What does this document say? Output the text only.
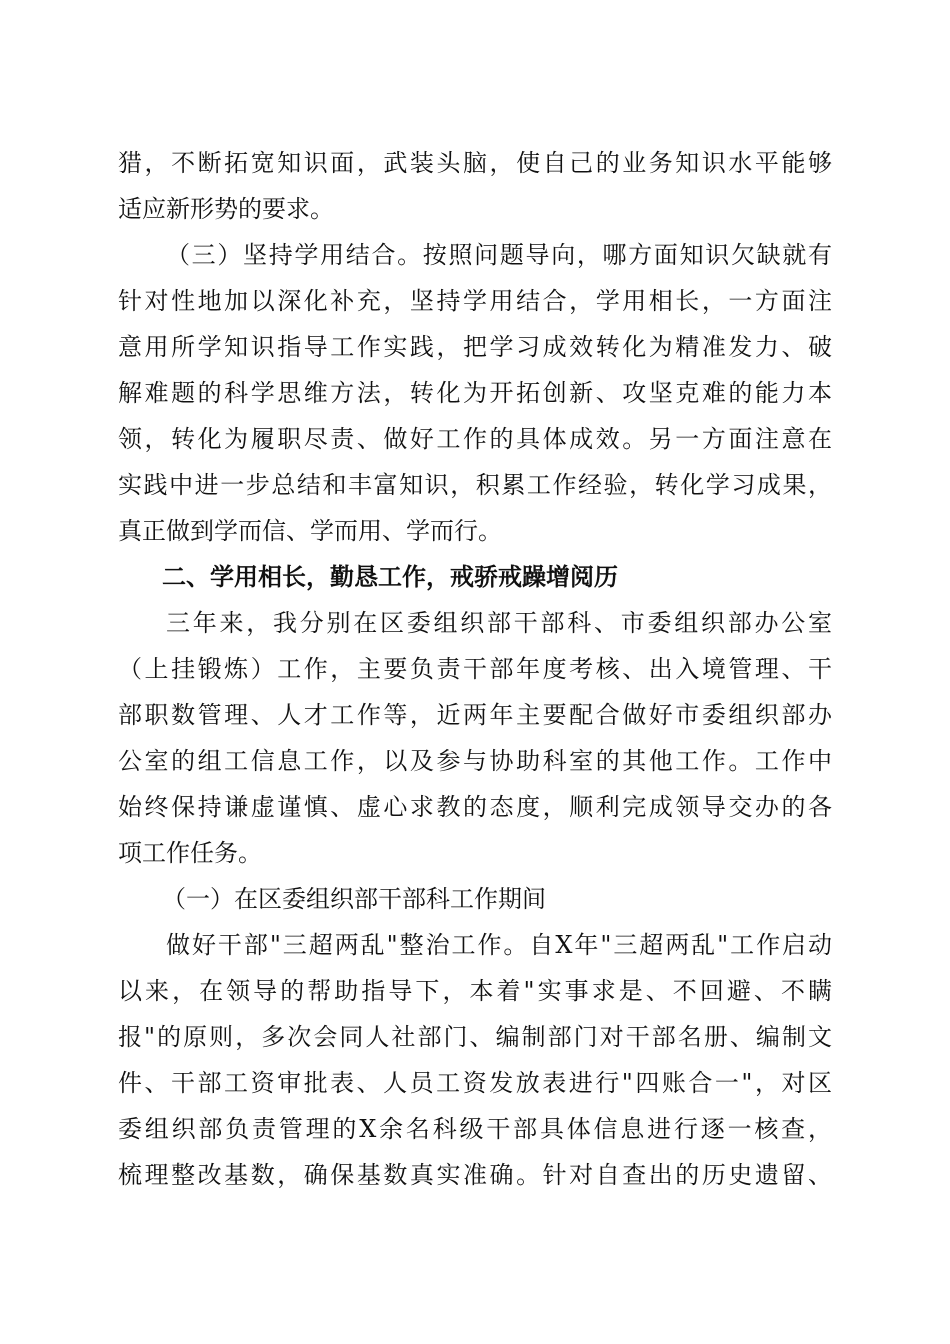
猎，不断拓宽知识面，武装头脑，使自己的业务知识水平能够
适应新形势的要求。
（三）坚持学用结合。按照问题导向，哪方面知识欠缺就有
针对性地加以深化补充，坚持学用结合，学用相长，一方面注
意用所学知识指导工作实践，把学习成效转化为精准发力、破
解难题的科学思维方法，转化为开拓创新、攻坚克难的能力本
领，转化为履职尽责、做好工作的具体成效。另一方面注意在
实践中进一步总结和丰富知识，积累工作经验，转化学习成果，
真正做到学而信、学而用、学而行。
二、学用相长，勤恳工作，戒骄戒躁增阅历
三年来，我分别在区委组织部干部科、市委组织部办公室
（上挂锻炼）工作，主要负责干部年度考核、出入境管理、干
部职数管理、人才工作等，近两年主要配合做好市委组织部办
公室的组工信息工作，以及参与协助科室的其他工作。工作中
始终保持谦虚谨慎、虚心求教的态度，顺利完成领导交办的各
项工作任务。
（一）在区委组织部干部科工作期间
做好干部"三超两乱"整治工作。自X年"三超两乱"工作启动
以来，在领导的帮助指导下，本着"实事求是、不回避、不瞒
报"的原则，多次会同人社部门、编制部门对干部名册、编制文
件、干部工资审批表、人员工资发放表进行"四账合一"，对区
委组织部负责管理的X余名科级干部具体信息进行逐一核查，
梳理整改基数，确保基数真实准确。针对自查出的历史遗留、
